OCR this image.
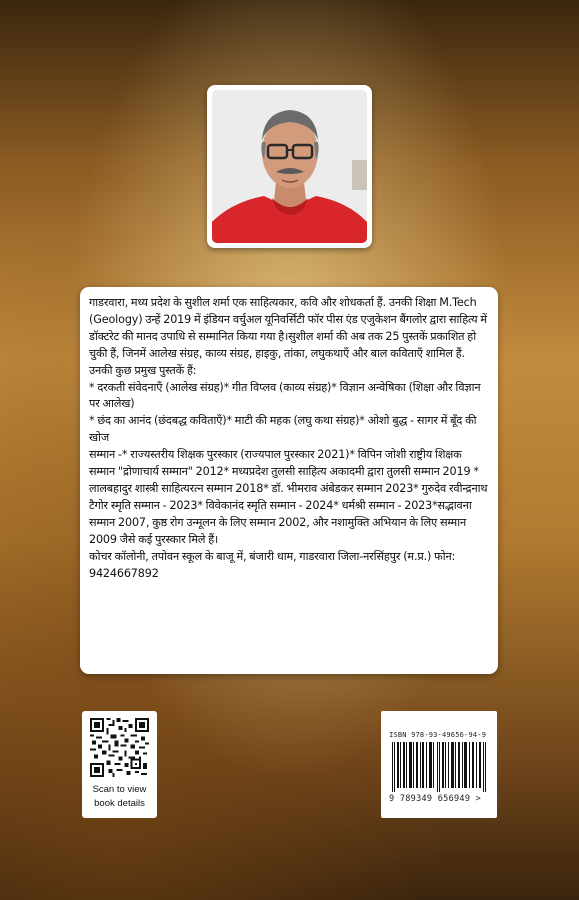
गाडरवारा, मध्य प्रदेश के सुशील शर्मा एक साहित्यकार, कवि और शोधकर्ता हैं. उनकी शिक्षा M.Tech (Geology) उन्हें 2019 में इंडियन वर्चुअल यूनिवर्सिटी फॉर पीस एंड एजुकेशन बैंगलोर द्वारा साहित्य में डॉक्टरेट की मानद उपाधि से सम्मानित किया गया है।सुशील शर्मा की अब तक 25 पुस्तकें प्रकाशित हो चुकी हैं, जिनमें आलेख संग्रह, काव्य संग्रह, हाइकु, तांका, लघुकथाएँ और बाल कविताएँ शामिल हैं.

उनकी कुछ प्रमुख पुस्तकें हैं:

* दरकती संवेदनाएँ (आलेख संग्रह)* गीत विप्लव (काव्य संग्रह)* विज्ञान अन्वेषिका (शिक्षा और विज्ञान पर आलेख)

* छंद का आनंद (छंदबद्ध कविताएँ)* माटी की महक (लघु कथा संग्रह)* ओशो बुद्ध - सागर में बूँद की खोज

सम्मान -* राज्यस्तरीय शिक्षक पुरस्कार (राज्यपाल पुरस्कार 2021)* विपिन जोशी राष्ट्रीय शिक्षक सम्मान "द्रोणाचार्य सम्मान" 2012* मध्यप्रदेश तुलसी साहित्य अकादमी द्वारा तुलसी सम्मान 2019 * लालबहादुर शास्त्री साहित्यरत्न सम्मान 2018* डॉ. भीमराव अंबेडकर सम्मान 2023* गुरुदेव रवीन्द्रनाथ टैगोर स्मृति सम्मान - 2023* विवेकानंद स्मृति सम्मान - 2024* धर्मश्री सम्मान - 2023*सद्भावना सम्मान 2007, कुष्ठ रोग उन्मूलन के लिए सम्मान 2002, और नशामुक्ति अभियान के लिए सम्मान 2009 जैसे कई पुरस्कार मिले हैं।

कोचर कॉलोनी, तपोवन स्कूल के बाजू में, बंजारी धाम, गाडरवारा जिला-नरसिंहपुर (म.प्र.) फोन: 9424667892

Scan to view
book details
ISBN 978-93-49656-94-9
9 789349 656949 >
